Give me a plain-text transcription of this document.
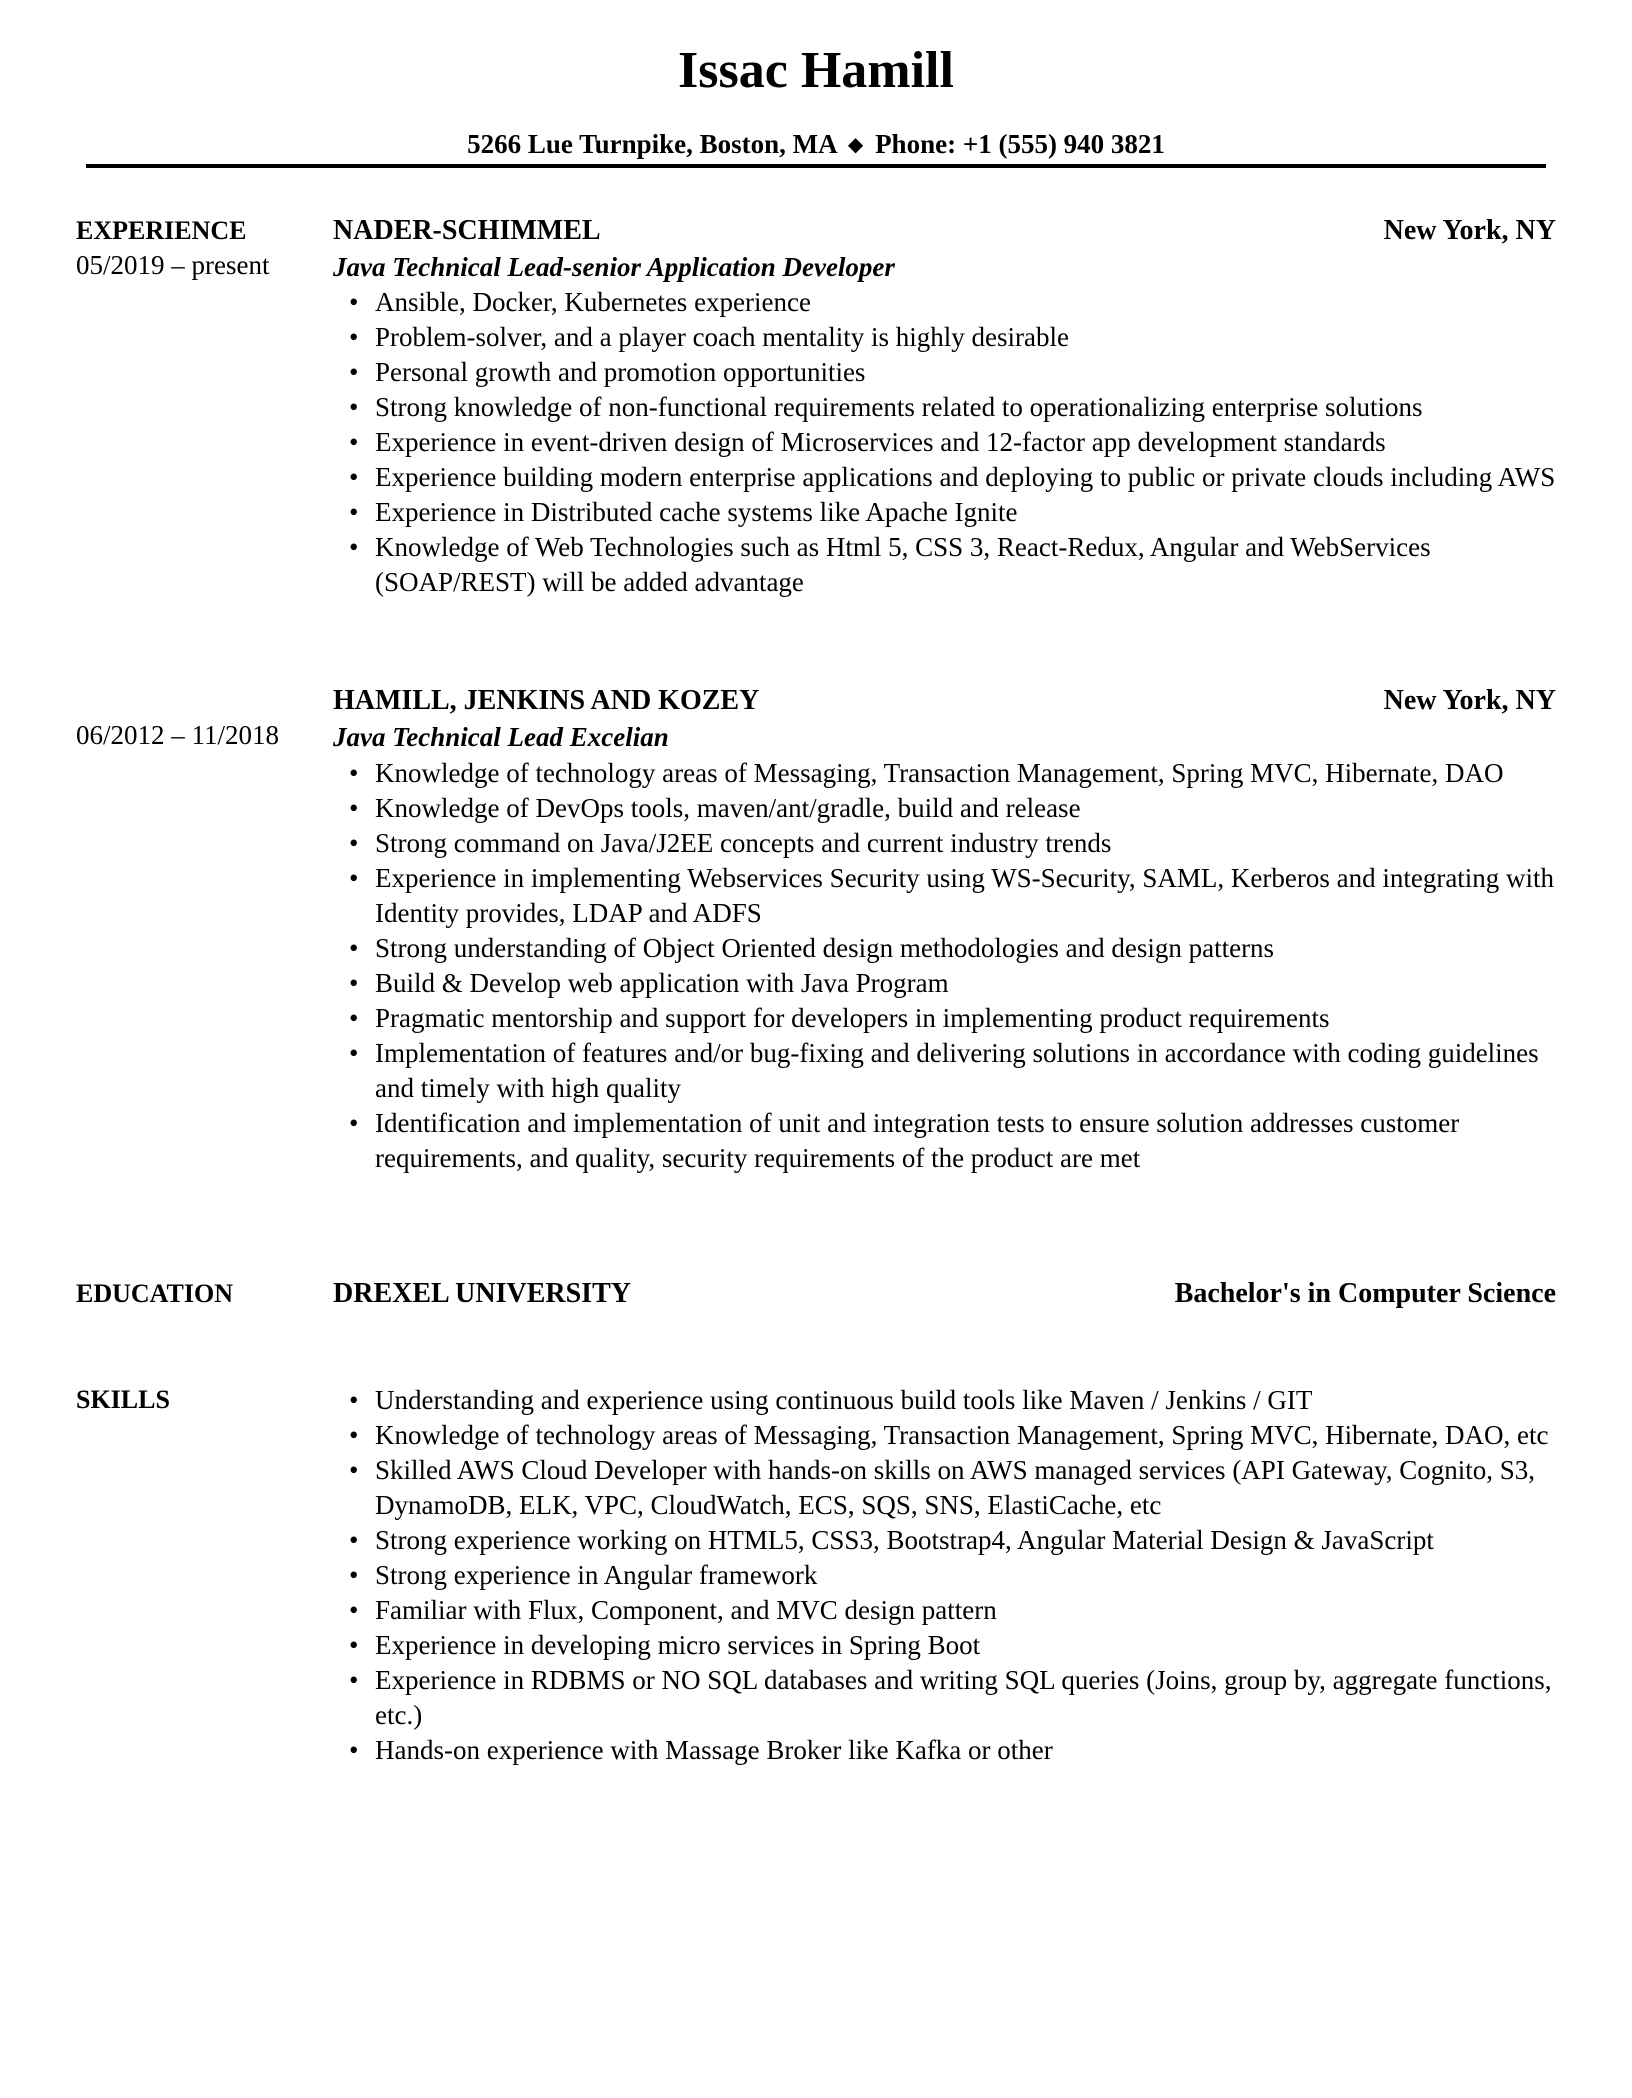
Issac Hamill
5266 Lue Turnpike, Boston, MA ◆ Phone: +1 (555) 940 3821
EXPERIENCE
05/2019 – present
NADER-SCHIMMEL	New York, NY
Java Technical Lead-senior Application Developer
• Ansible, Docker, Kubernetes experience
• Problem-solver, and a player coach mentality is highly desirable
• Personal growth and promotion opportunities
• Strong knowledge of non-functional requirements related to operationalizing enterprise solutions
• Experience in event-driven design of Microservices and 12-factor app development standards
• Experience building modern enterprise applications and deploying to public or private clouds including AWS
• Experience in Distributed cache systems like Apache Ignite
• Knowledge of Web Technologies such as Html 5, CSS 3, React-Redux, Angular and WebServices (SOAP/REST) will be added advantage
06/2012 – 11/2018
HAMILL, JENKINS AND KOZEY	New York, NY
Java Technical Lead Excelian
• Knowledge of technology areas of Messaging, Transaction Management, Spring MVC, Hibernate, DAO
• Knowledge of DevOps tools, maven/ant/gradle, build and release
• Strong command on Java/J2EE concepts and current industry trends
• Experience in implementing Webservices Security using WS-Security, SAML, Kerberos and integrating with Identity provides, LDAP and ADFS
• Strong understanding of Object Oriented design methodologies and design patterns
• Build & Develop web application with Java Program
• Pragmatic mentorship and support for developers in implementing product requirements
• Implementation of features and/or bug-fixing and delivering solutions in accordance with coding guidelines and timely with high quality
• Identification and implementation of unit and integration tests to ensure solution addresses customer requirements, and quality, security requirements of the product are met
EDUCATION	DREXEL UNIVERSITY	Bachelor's in Computer Science
SKILLS
•	Understanding and experience using continuous build tools like Maven / Jenkins / GIT
• Knowledge of technology areas of Messaging, Transaction Management, Spring MVC, Hibernate, DAO, etc
• Skilled AWS Cloud Developer with hands-on skills on AWS managed services (API Gateway, Cognito, S3, DynamoDB, ELK, VPC, CloudWatch, ECS, SQS, SNS, ElastiCache, etc
• Strong experience working on HTML5, CSS3, Bootstrap4, Angular Material Design & JavaScript
• Strong experience in Angular framework
• Familiar with Flux, Component, and MVC design pattern
• Experience in developing micro services in Spring Boot
• Experience in RDBMS or NO SQL databases and writing SQL queries (Joins, group by, aggregate functions, etc.)
• Hands-on experience with Massage Broker like Kafka or other
